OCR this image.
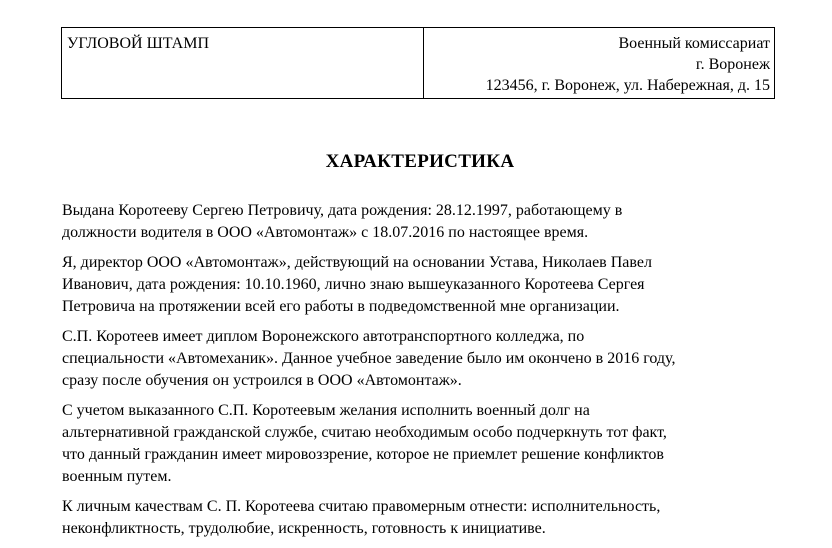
УГЛОВОЙ ШТАМП	Военный комиссариат
г. Воронеж
123456, г. Воронеж, ул. Набережная, д. 15
ХАРАКТЕРИСТИКА

Выдана Коротееву Сергею Петровичу, дата рождения: 28.12.1997, работающему в
должности водителя в ООО «Автомонтаж» с 18.07.2016 по настоящее время.

Я, директор ООО «Автомонтаж», действующий на основании Устава, Николаев Павел
Иванович, дата рождения: 10.10.1960, лично знаю вышеуказанного Коротеева Сергея
Петровича на протяжении всей его работы в подведомственной мне организации.

С.П. Коротеев имеет диплом Воронежского автотранспортного колледжа, по
специальности «Автомеханик». Данное учебное заведение было им окончено в 2016 году,
сразу после обучения он устроился в ООО «Автомонтаж».

С учетом выказанного С.П. Коротеевым желания исполнить военный долг на
альтернативной гражданской службе, считаю необходимым особо подчеркнуть тот факт,
что данный гражданин имеет мировоззрение, которое не приемлет решение конфликтов
военным путем.

К личным качествам С. П. Коротеева считаю правомерным отнести: исполнительность,
неконфликтность, трудолюбие, искренность, готовность к инициативе.
